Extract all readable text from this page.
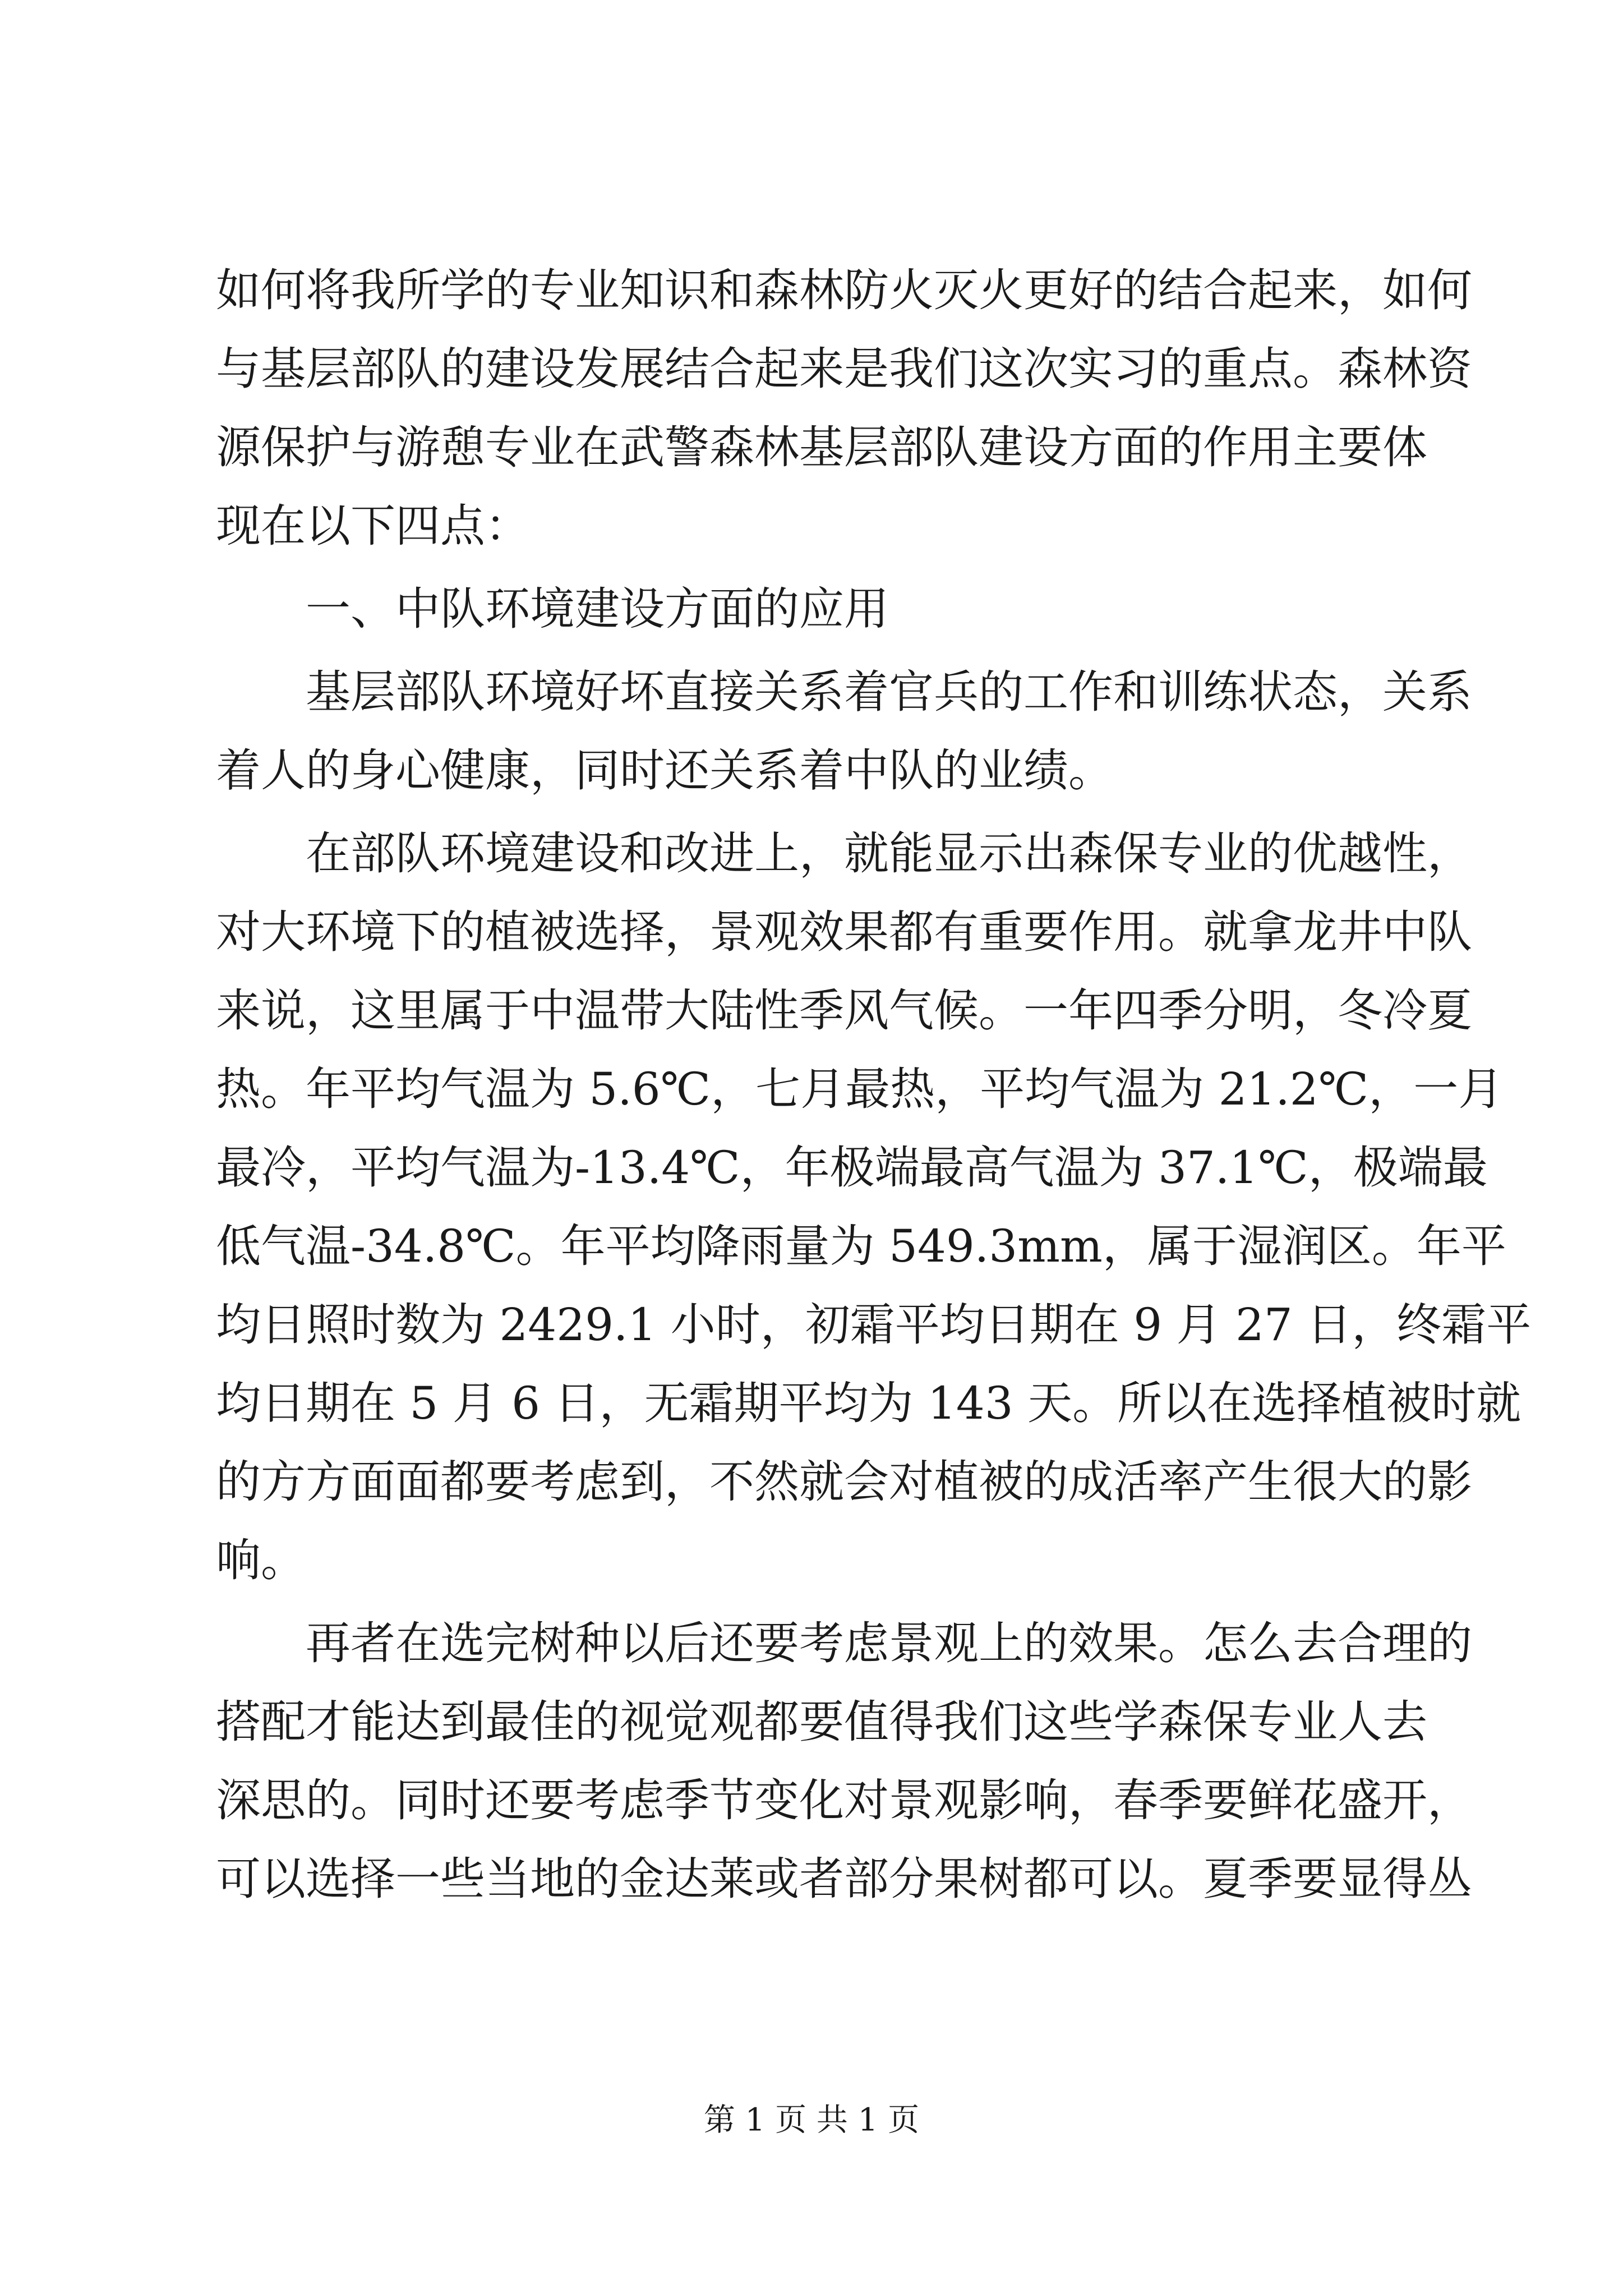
如何将我所学的专业知识和森林防火灭火更好的结合起来，如何
与基层部队的建设发展结合起来是我们这次实习的重点。森林资
源保护与游憩专业在武警森林基层部队建设方面的作用主要体
现在以下四点：
一、中队环境建设方面的应用
基层部队环境好坏直接关系着官兵的工作和训练状态，关系
着人的身心健康，同时还关系着中队的业绩。
在部队环境建设和改进上，就能显示出森保专业的优越性，
对大环境下的植被选择，景观效果都有重要作用。就拿龙井中队
来说，这里属于中温带大陆性季风气候。一年四季分明，冬冷夏
热。年平均气温为 5.6℃，七月最热，平均气温为 21.2℃，一月
最冷，平均气温为-13.4℃，年极端最高气温为 37.1℃，极端最
低气温-34.8℃。年平均降雨量为 549.3mm，属于湿润区。年平
均日照时数为 2429.1 小时，初霜平均日期在 9 月 27 日，终霜平
均日期在 5 月 6 日，无霜期平均为 143 天。所以在选择植被时就
的方方面面都要考虑到，不然就会对植被的成活率产生很大的影
响。
再者在选完树种以后还要考虑景观上的效果。怎么去合理的
搭配才能达到最佳的视觉观都要值得我们这些学森保专业人去
深思的。同时还要考虑季节变化对景观影响，春季要鲜花盛开，
可以选择一些当地的金达莱或者部分果树都可以。夏季要显得丛
第 1 页 共 1 页
